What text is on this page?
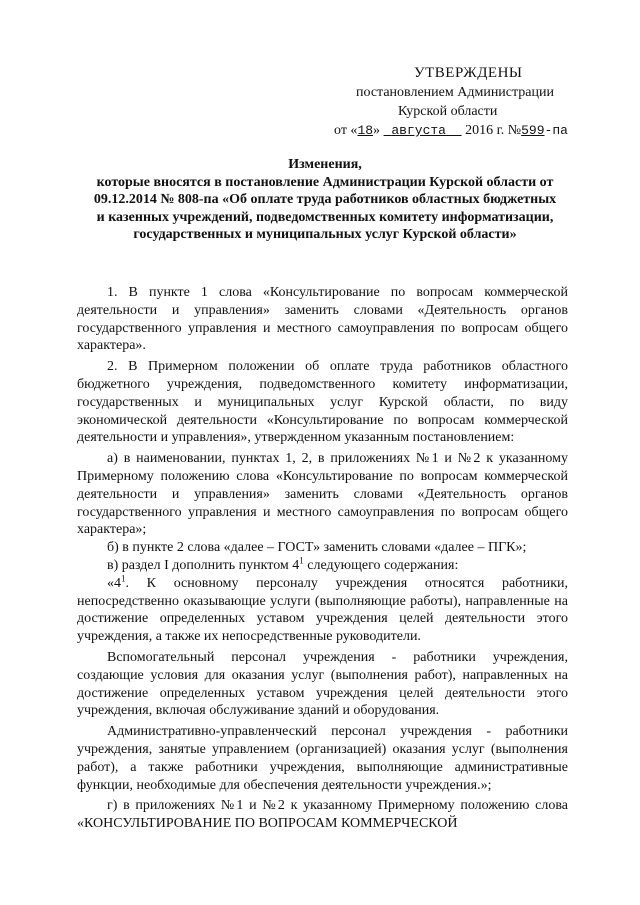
УТВЕРЖДЕНЫ
постановлением Администрации
Курской области
от «18» августа 2016 г. №599-па
Изменения,
которые вносятся в постановление Администрации Курской области от 09.12.2014 № 808-па «Об оплате труда работников областных бюджетных и казенных учреждений, подведомственных комитету информатизации, государственных и муниципальных услуг Курской области»

1. В пункте 1 слова «Консультирование по вопросам коммерческой деятельности и управления» заменить словами «Деятельность органов государственного управления и местного самоуправления по вопросам общего характера».

2. В Примерном положении об оплате труда работников областного бюджетного учреждения, подведомственного комитету информатизации, государственных и муниципальных услуг Курской области, по виду экономической деятельности «Консультирование по вопросам коммерческой деятельности и управления», утвержденном указанным постановлением:

а) в наименовании, пунктах 1, 2, в приложениях №1 и №2 к указанному Примерному положению слова «Консультирование по вопросам коммерческой деятельности и управления» заменить словами «Деятельность органов государственного управления и местного самоуправления по вопросам общего характера»;

б) в пункте 2 слова «далее – ГОСТ» заменить словами «далее – ПГК»;

в) раздел I дополнить пунктом $4^1$ следующего содержания:

«$4^1$. К основному персоналу учреждения относятся работники, непосредственно оказывающие услуги (выполняющие работы), направленные на достижение определенных уставом учреждения целей деятельности этого учреждения, а также их непосредственные руководители.

Вспомогательный персонал учреждения - работники учреждения, создающие условия для оказания услуг (выполнения работ), направленных на достижение определенных уставом учреждения целей деятельности этого учреждения, включая обслуживание зданий и оборудования.

Административно-управленческий персонал учреждения - работники учреждения, занятые управлением (организацией) оказания услуг (выполнения работ), а также работники учреждения, выполняющие административные функции, необходимые для обеспечения деятельности учреждения.»;

г) в приложениях №1 и №2 к указанному Примерному положению слова «КОНСУЛЬТИРОВАНИЕ ПО ВОПРОСАМ КОММЕРЧЕСКОЙ
